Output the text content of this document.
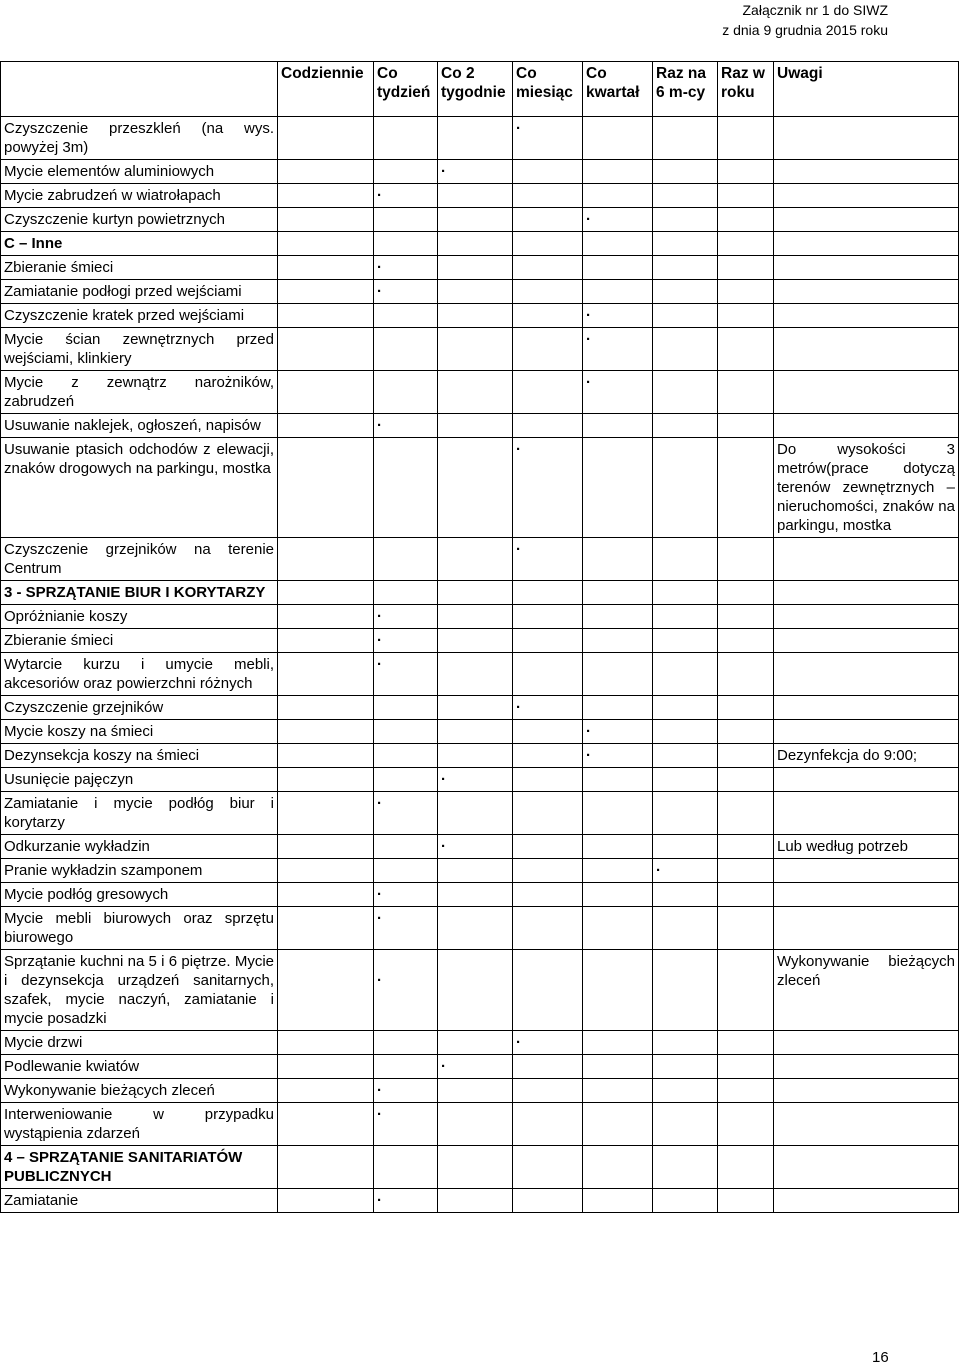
Załącznik nr 1 do SIWZ
z dnia 9 grudnia 2015 roku
	Codziennie	Co tydzień	Co 2 tygodnie	Co miesiąc	Co kwartał	Raz na 6 m-cy	Raz w roku	Uwagi
Czyszczenie przeszkleń (na wys. powyżej 3m)				·				
Mycie elementów aluminiowych			·					
Mycie zabrudzeń w wiatrołapach		·						
Czyszczenie kurtyn powietrznych					·			
C – Inne								
Zbieranie śmieci		·						
Zamiatanie podłogi przed wejściami		·						
Czyszczenie kratek przed wejściami					·			
Mycie ścian zewnętrznych przed wejściami, klinkiery					·			
Mycie z zewnątrz narożników, zabrudzeń					·			
Usuwanie naklejek, ogłoszeń, napisów		·						
Usuwanie ptasich odchodów z elewacji, znaków drogowych na parkingu, mostka				·				Do wysokości 3 metrów(prace dotyczą terenów zewnętrznych – nieruchomości, znaków na parkingu, mostka
Czyszczenie grzejników na terenie Centrum				·				
3 - SPRZĄTANIE BIUR I KORYTARZY								
Opróżnianie koszy		·						
Zbieranie śmieci		·						
Wytarcie kurzu i umycie mebli, akcesoriów oraz powierzchni różnych		·						
Czyszczenie grzejników				·				
Mycie koszy na śmieci					·			
Dezynsekcja koszy na śmieci					·			Dezynfekcja do 9:00;
Usunięcie pajęczyn			·					
Zamiatanie i mycie podłóg biur i korytarzy		·						
Odkurzanie wykładzin			·					Lub według potrzeb
Pranie wykładzin szamponem						·		
Mycie podłóg gresowych		·						
Mycie mebli biurowych oraz sprzętu biurowego		·						
Sprzątanie kuchni na 5 i 6 piętrze. Mycie i dezynsekcja urządzeń sanitarnych, szafek, mycie naczyń, zamiatanie i mycie posadzki		·						Wykonywanie bieżących zleceń
Mycie drzwi				·				
Podlewanie kwiatów			·					
Wykonywanie bieżących zleceń		·						
Interweniowanie w przypadku wystąpienia zdarzeń		·						
4 – SPRZĄTANIE SANITARIATÓW PUBLICZNYCH								
Zamiatanie		·						
16
